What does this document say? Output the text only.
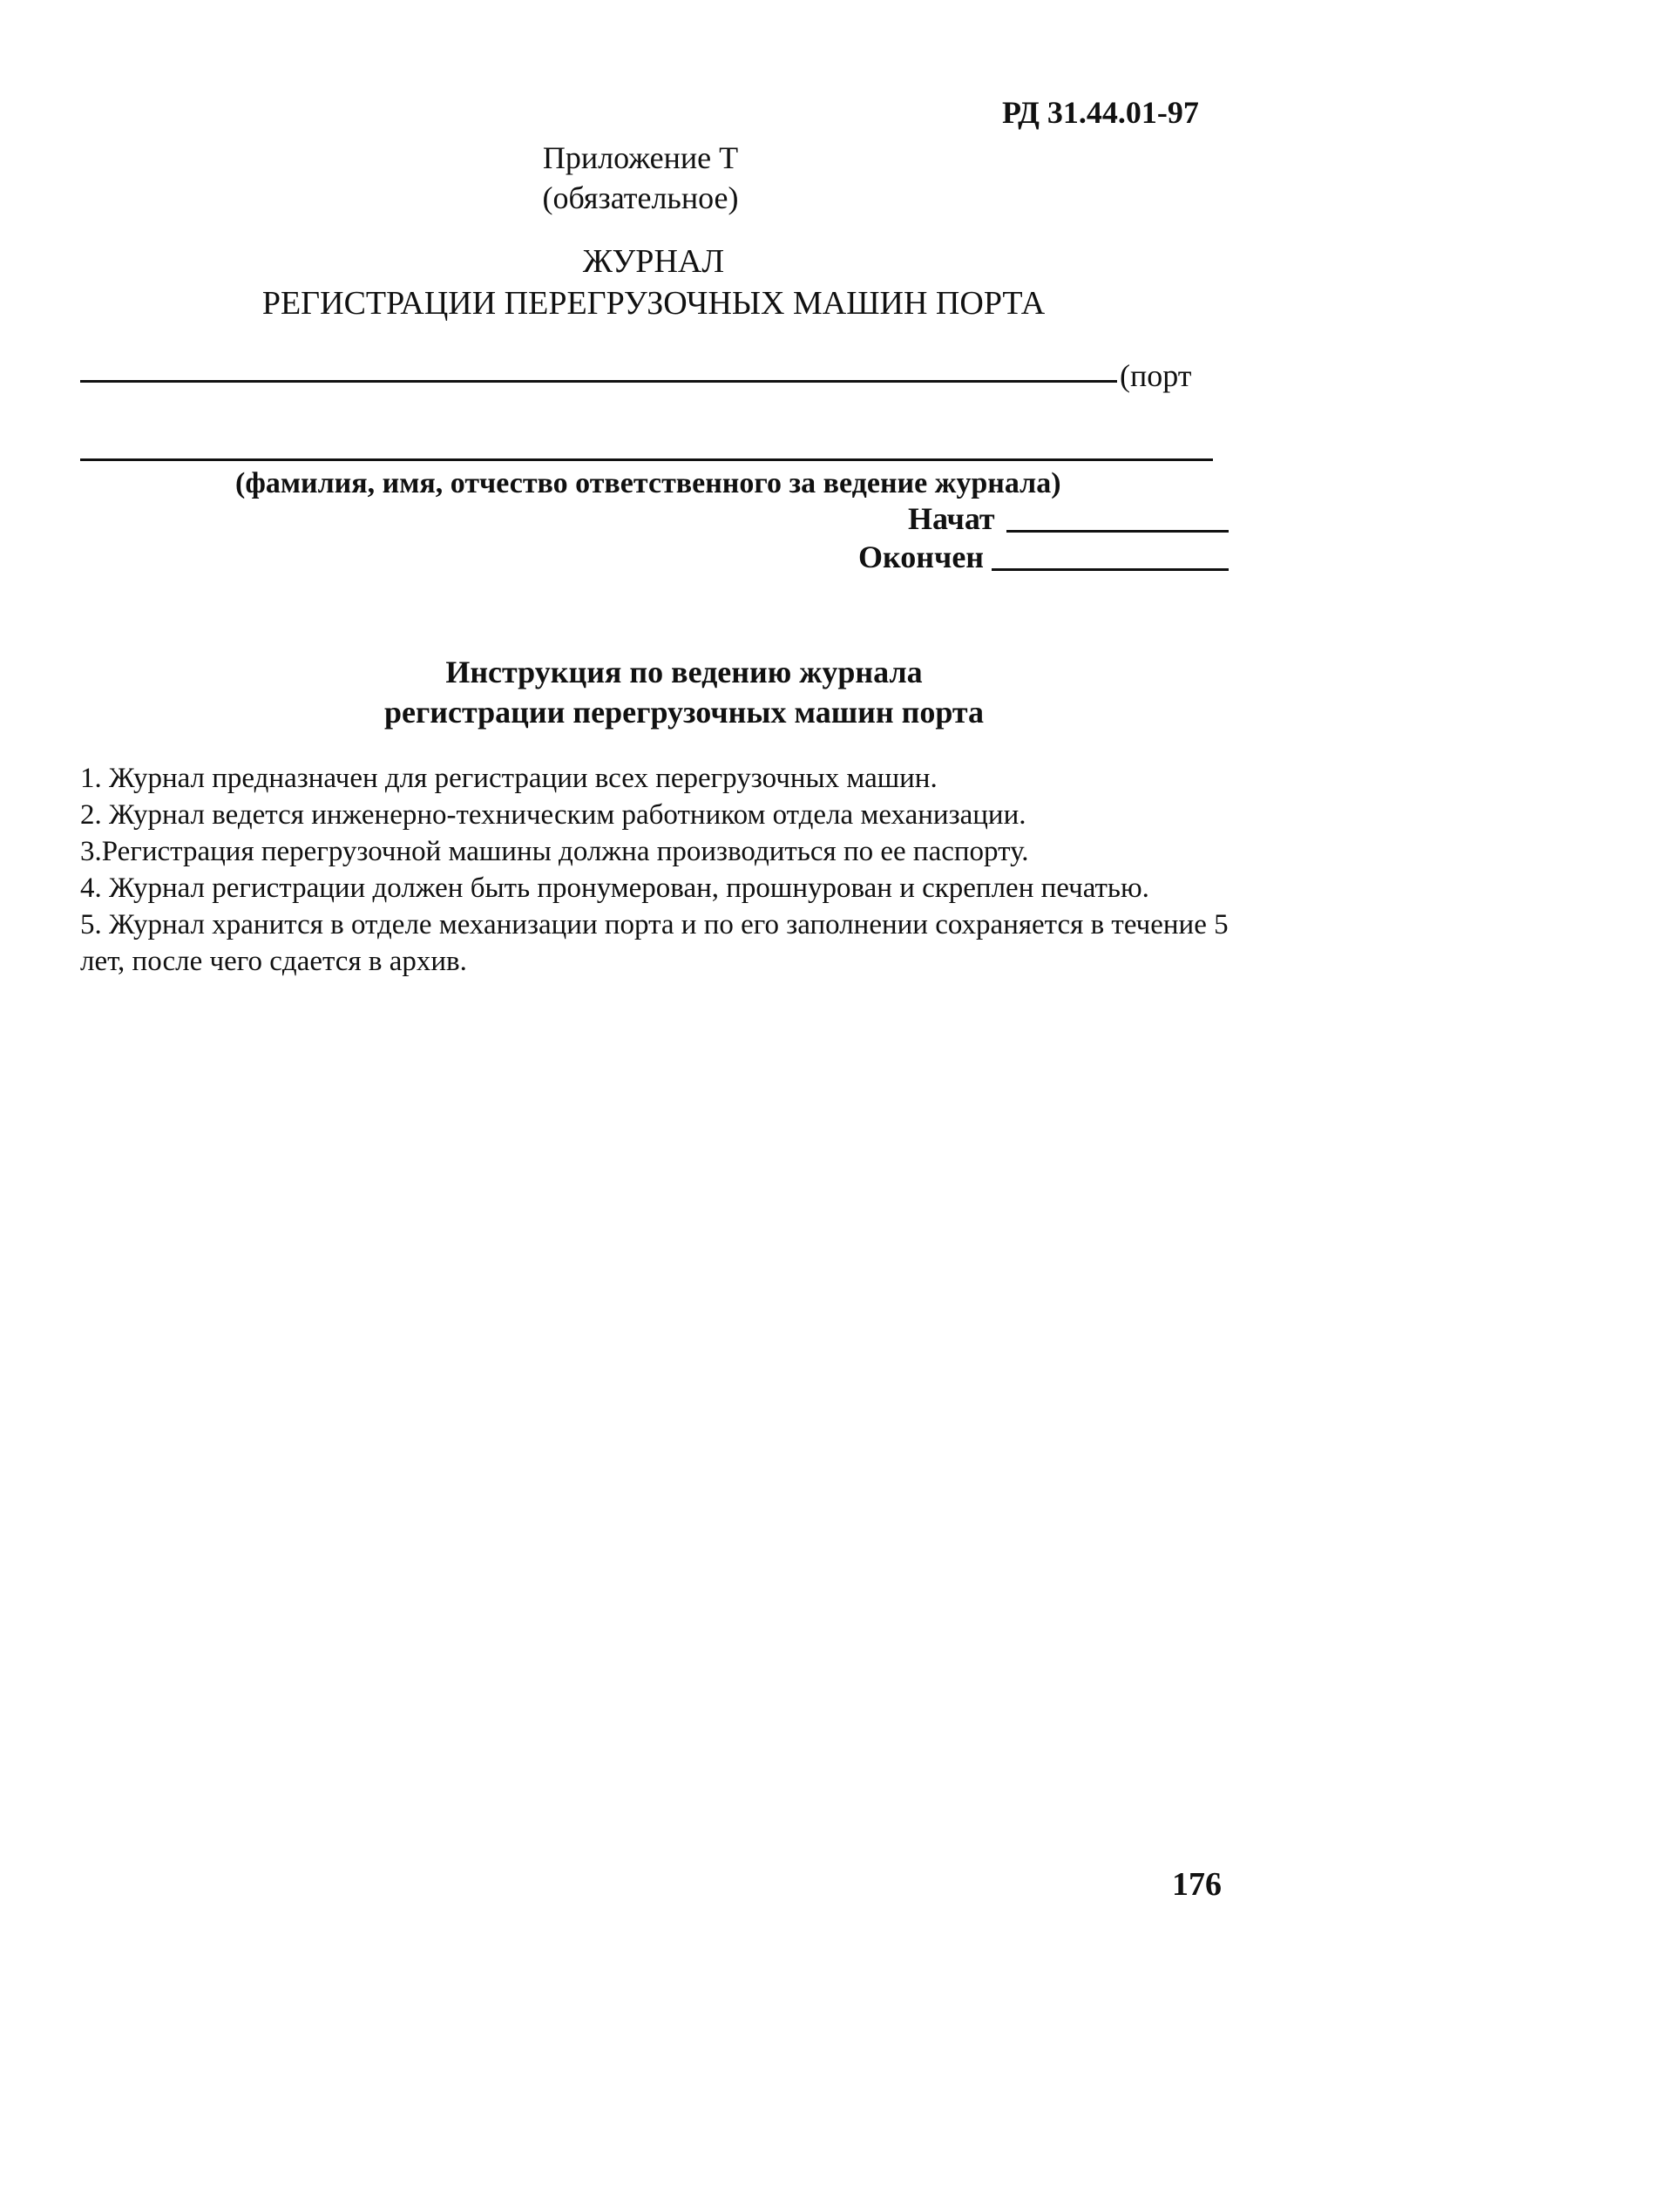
РД 31.44.01-97
Приложение Т
(обязательное)
ЖУРНАЛ
РЕГИСТРАЦИИ ПЕРЕГРУЗОЧНЫХ МАШИН ПОРТА
(порт
(фамилия, имя, отчество ответственного за ведение журнала)
Начат
Окончен
Инструкция по ведению журнала
регистрации перегрузочных машин порта

1. Журнал предназначен для регистрации всех перегрузочных машин.

2. Журнал ведется инженерно-техническим работником отдела механизации.

3.Регистрация перегрузочной машины должна производиться по ее паспорту.

4. Журнал регистрации должен быть пронумерован, прошнурован и скреплен печатью.

5. Журнал хранится в отделе механизации порта и по его заполнении сохраняется в течение 5 лет, после чего сдается в архив.

176
